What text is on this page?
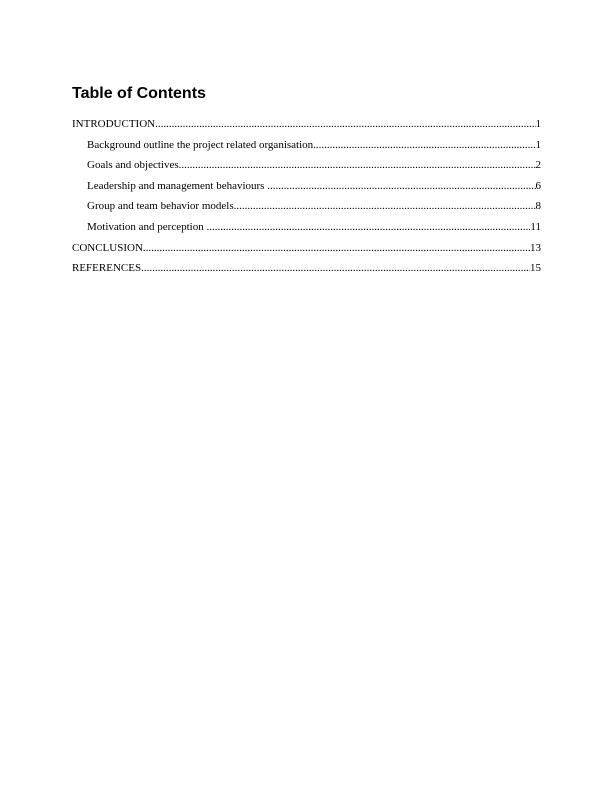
Table of Contents
INTRODUCTION .....	1
Background outline the project related organisation .....	1
Goals and objectives .....	2
Leadership and management behaviours .....	6
Group and team behavior models .....	8
Motivation and perception .....	11
CONCLUSION .....	13
REFERENCES .....	15
